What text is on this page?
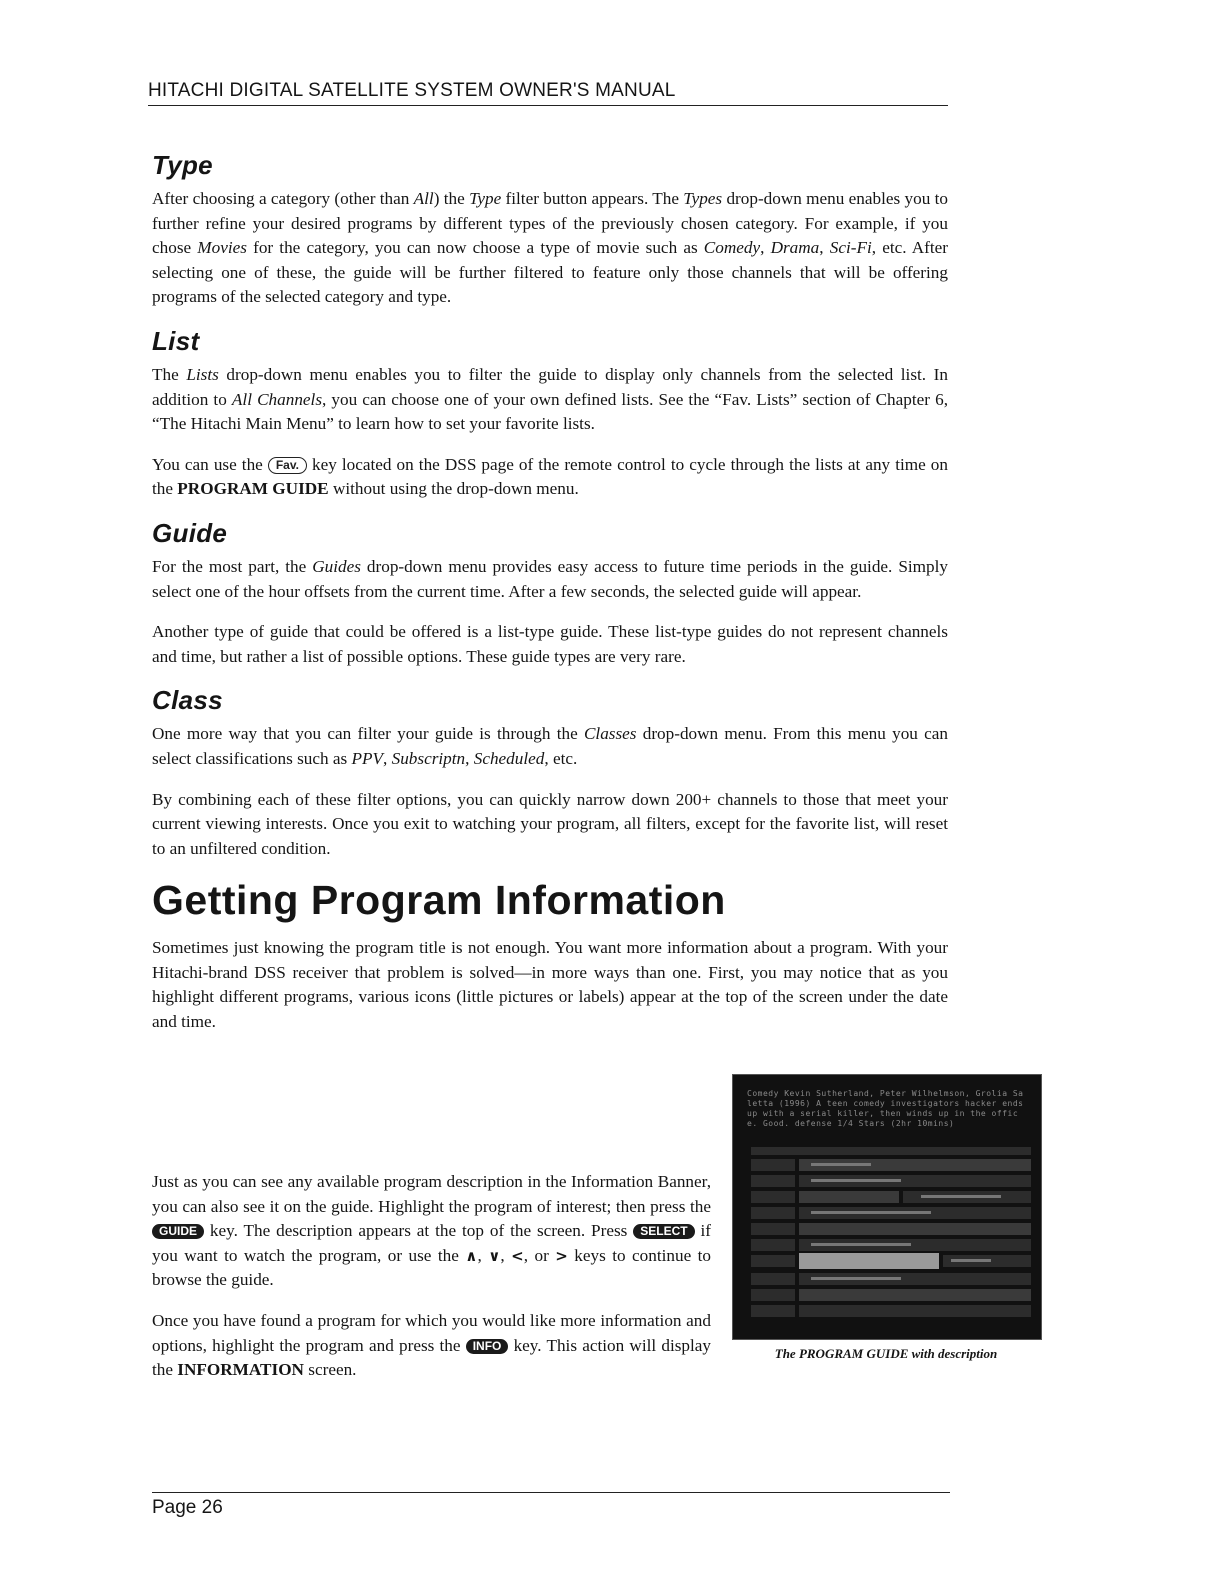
HITACHI DIGITAL SATELLITE SYSTEM OWNER'S MANUAL
Type

After choosing a category (other than All) the Type filter button appears. The Types drop-down menu enables you to further refine your desired programs by different types of the previously chosen category. For example, if you chose Movies for the category, you can now choose a type of movie such as Comedy, Drama, Sci-Fi, etc. After selecting one of these, the guide will be further filtered to feature only those channels that will be offering programs of the selected category and type.

List

The Lists drop-down menu enables you to filter the guide to display only channels from the selected list. In addition to All Channels, you can choose one of your own defined lists. See the “Fav. Lists” section of Chapter 6, “The Hitachi Main Menu” to learn how to set your favorite lists.

You can use the Fav. key located on the DSS page of the remote control to cycle through the lists at any time on the PROGRAM GUIDE without using the drop-down menu.

Guide

For the most part, the Guides drop-down menu provides easy access to future time periods in the guide. Simply select one of the hour offsets from the current time. After a few seconds, the selected guide will appear.

Another type of guide that could be offered is a list-type guide. These list-type guides do not represent channels and time, but rather a list of possible options. These guide types are very rare.

Class

One more way that you can filter your guide is through the Classes drop-down menu. From this menu you can select classifications such as PPV, Subscriptn, Scheduled, etc.

By combining each of these filter options, you can quickly narrow down 200+ channels to those that meet your current viewing interests. Once you exit to watching your program, all filters, except for the favorite list, will reset to an unfiltered condition.

Getting Program Information

Sometimes just knowing the program title is not enough. You want more information about a program. With your Hitachi-brand DSS receiver that problem is solved—in more ways than one. First, you may notice that as you highlight different programs, various icons (little pictures or labels) appear at the top of the screen under the date and time.

Just as you can see any available program description in the Information Banner, you can also see it on the guide. Highlight the program of interest; then press the GUIDE key. The description appears at the top of the screen. Press SELECT if you want to watch the program, or use the ∧, ∨, <, or > keys to continue to browse the guide.

Once you have found a program for which you would like more information and options, highlight the program and press the INFO key. This action will display the INFORMATION screen.

Comedy Kevin Sutherland, Peter Wilhelmson, Grolia Saletta (1996) A teen comedy investigators hacker ends up with a serial killer, then winds up in the office. Good. defense 1/4 Stars (2hr 10mins)
The PROGRAM GUIDE with description
Page 26
